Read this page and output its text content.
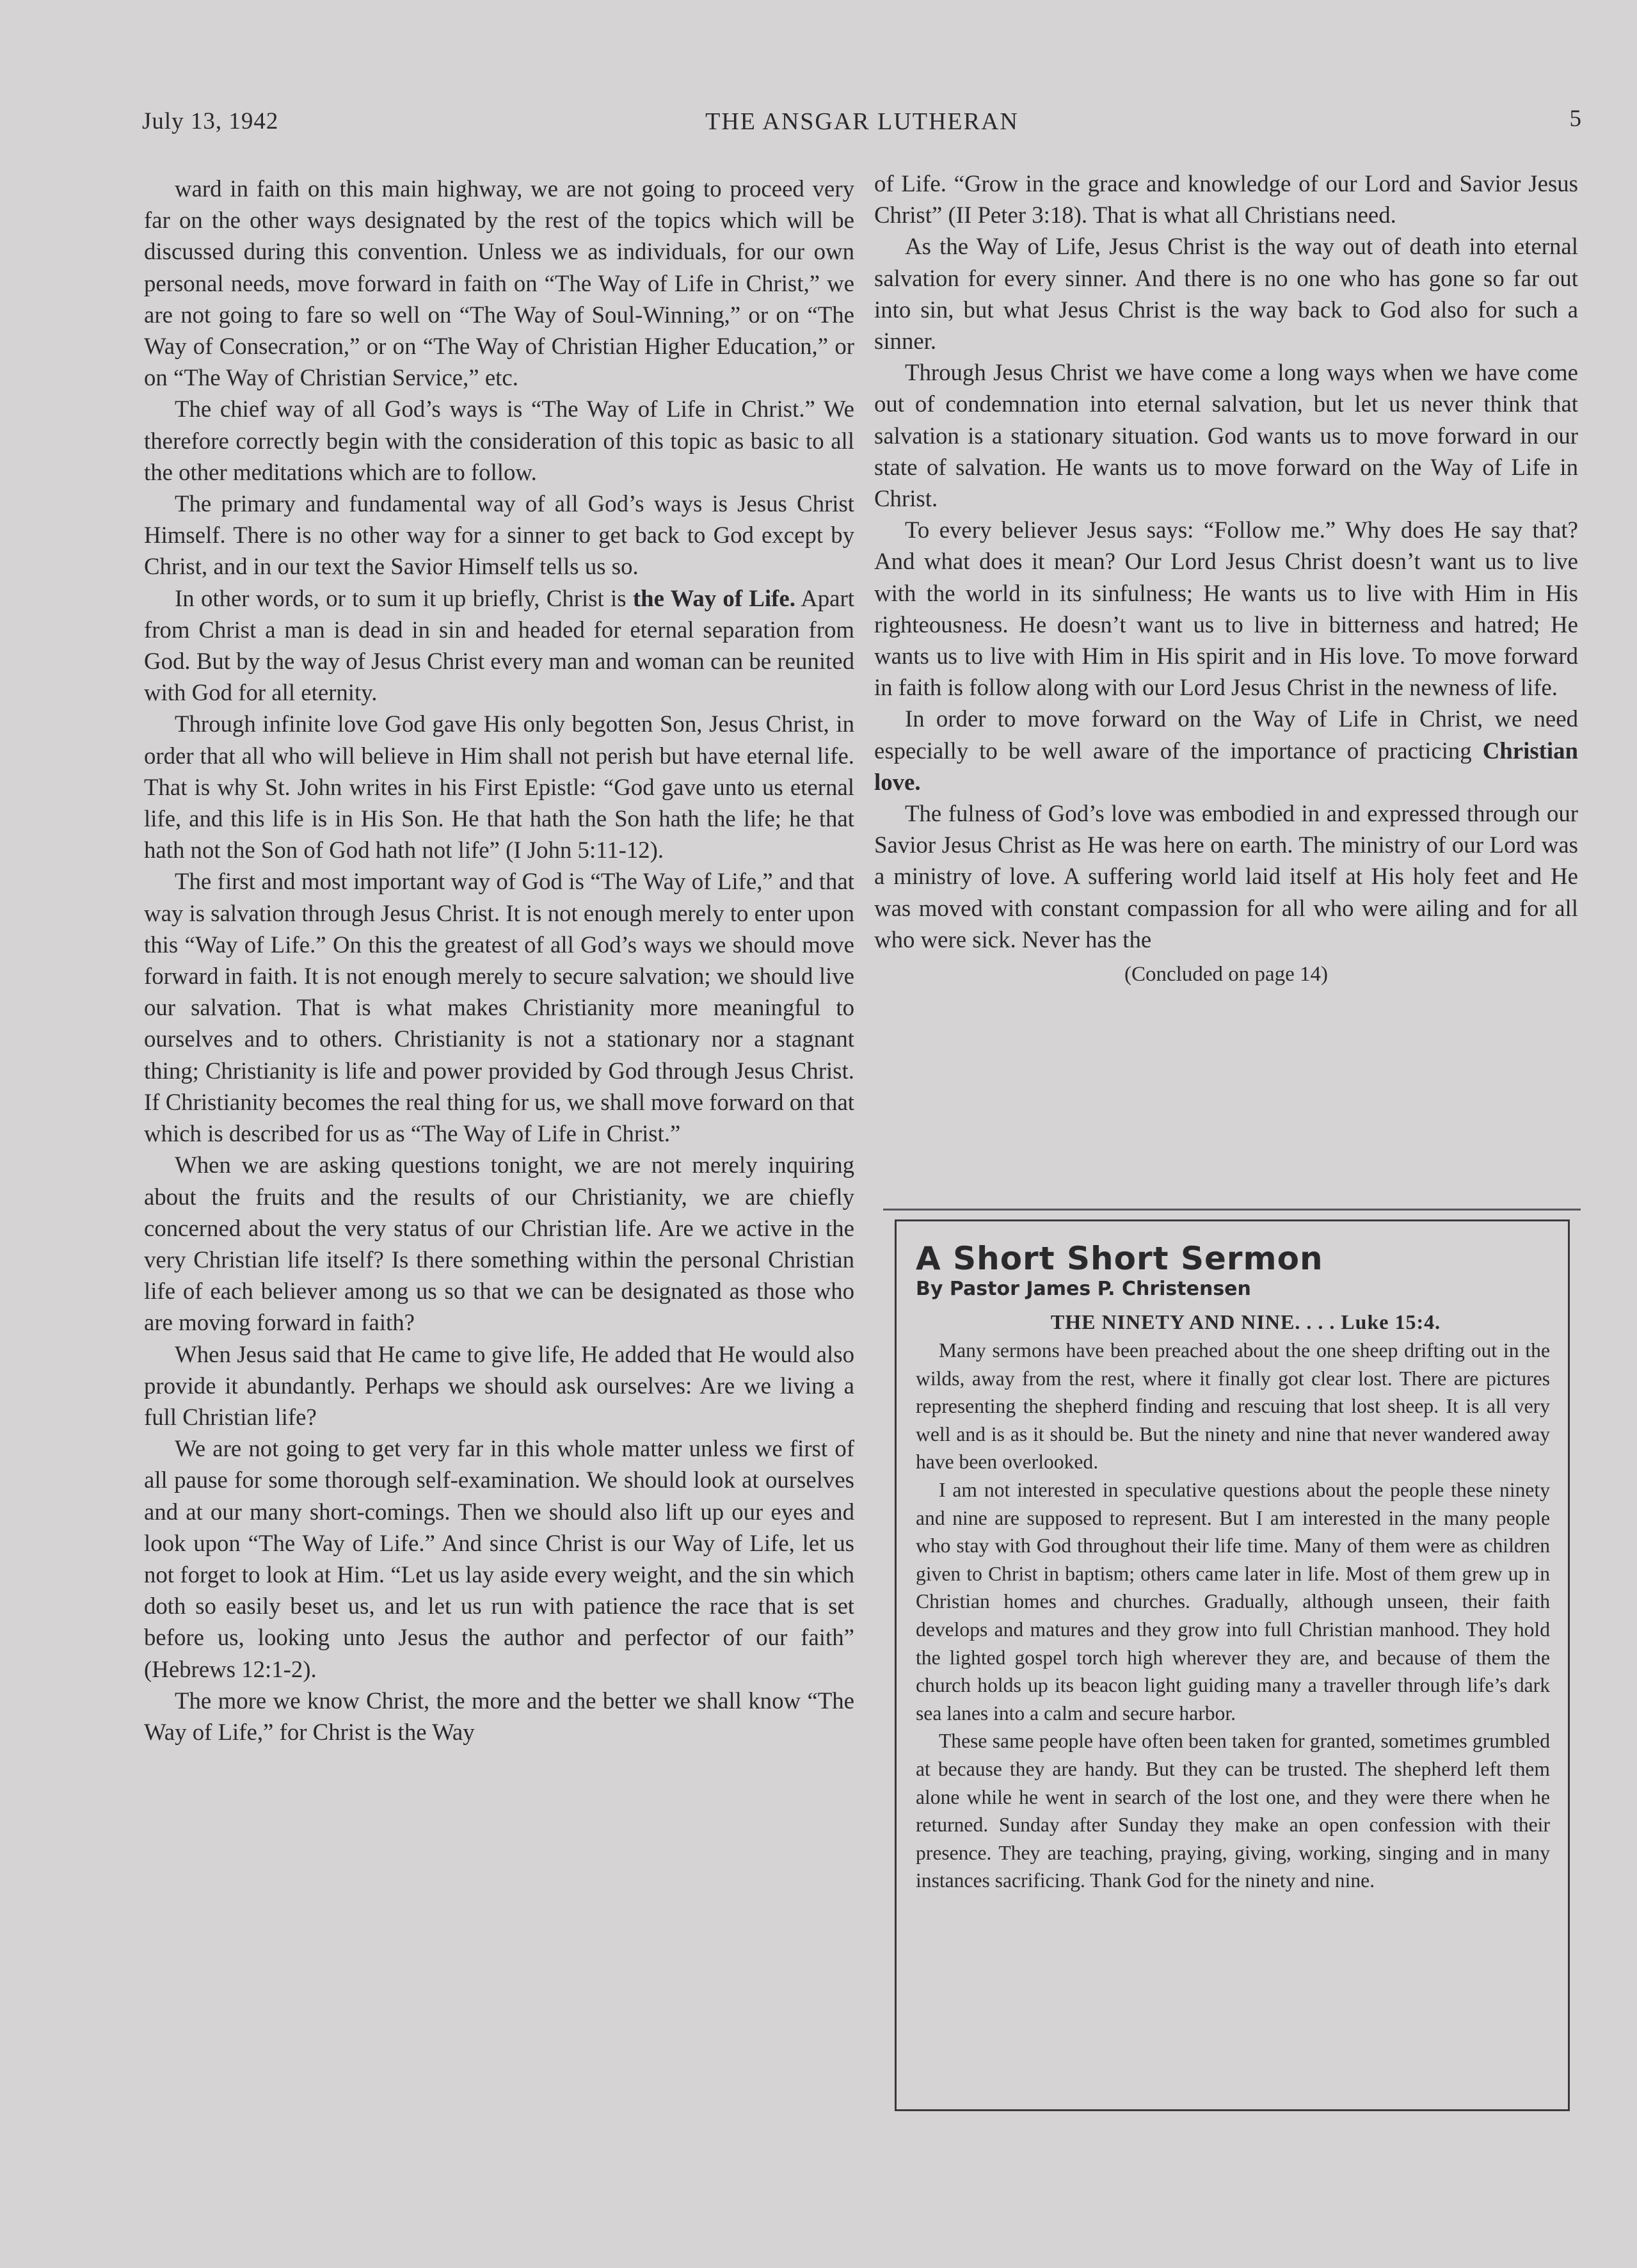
July 13, 1942	THE ANSGAR LUTHERAN	5

ward in faith on this main highway, we are not going to proceed very far on the other ways designated by the rest of the topics which will be discussed during this convention. Unless we as individuals, for our own personal needs, move forward in faith on “The Way of Life in Christ,” we are not going to fare so well on “The Way of Soul-Winning,” or on “The Way of Consecration,” or on “The Way of Christian Higher Education,” or on “The Way of Christian Service,” etc.

The chief way of all God’s ways is “The Way of Life in Christ.” We therefore correctly begin with the consideration of this topic as basic to all the other meditations which are to follow.

The primary and fundamental way of all God’s ways is Jesus Christ Himself. There is no other way for a sinner to get back to God except by Christ, and in our text the Savior Himself tells us so.

In other words, or to sum it up briefly, Christ is the Way of Life. Apart from Christ a man is dead in sin and headed for eternal separation from God. But by the way of Jesus Christ every man and woman can be reunited with God for all eternity.

Through infinite love God gave His only begotten Son, Jesus Christ, in order that all who will believe in Him shall not perish but have eternal life. That is why St. John writes in his First Epistle: “God gave unto us eternal life, and this life is in His Son. He that hath the Son hath the life; he that hath not the Son of God hath not life” (I John 5:11-12).

The first and most important way of God is “The Way of Life,” and that way is salvation through Jesus Christ. It is not enough merely to enter upon this “Way of Life.” On this the greatest of all God’s ways we should move forward in faith. It is not enough merely to secure salvation; we should live our salvation. That is what makes Christianity more meaningful to ourselves and to others. Christianity is not a stationary nor a stagnant thing; Christianity is life and power provided by God through Jesus Christ. If Christianity becomes the real thing for us, we shall move forward on that which is described for us as “The Way of Life in Christ.”

When we are asking questions tonight, we are not merely inquiring about the fruits and the results of our Christianity, we are chiefly concerned about the very status of our Christian life. Are we active in the very Christian life itself? Is there something within the personal Christian life of each believer among us so that we can be designated as those who are moving forward in faith?

When Jesus said that He came to give life, He added that He would also provide it abundantly. Perhaps we should ask ourselves: Are we living a full Christian life?

We are not going to get very far in this whole matter unless we first of all pause for some thorough self-examination. We should look at ourselves and at our many short-comings. Then we should also lift up our eyes and look upon “The Way of Life.” And since Christ is our Way of Life, let us not forget to look at Him. “Let us lay aside every weight, and the sin which doth so easily beset us, and let us run with patience the race that is set before us, looking unto Jesus the author and perfector of our faith” (Hebrews 12:1-2).

The more we know Christ, the more and the better we shall know “The Way of Life,” for Christ is the Way

of Life. “Grow in the grace and knowledge of our Lord and Savior Jesus Christ” (II Peter 3:18). That is what all Christians need.

As the Way of Life, Jesus Christ is the way out of death into eternal salvation for every sinner. And there is no one who has gone so far out into sin, but what Jesus Christ is the way back to God also for such a sinner.

Through Jesus Christ we have come a long ways when we have come out of condemnation into eternal salvation, but let us never think that salvation is a stationary situation. God wants us to move forward in our state of salvation. He wants us to move forward on the Way of Life in Christ.

To every believer Jesus says: “Follow me.” Why does He say that? And what does it mean? Our Lord Jesus Christ doesn’t want us to live with the world in its sinfulness; He wants us to live with Him in His righteousness. He doesn’t want us to live in bitterness and hatred; He wants us to live with Him in His spirit and in His love. To move forward in faith is follow along with our Lord Jesus Christ in the newness of life.

In order to move forward on the Way of Life in Christ, we need especially to be well aware of the importance of practicing Christian love.

The fulness of God’s love was embodied in and expressed through our Savior Jesus Christ as He was here on earth. The ministry of our Lord was a ministry of love. A suffering world laid itself at His holy feet and He was moved with constant compassion for all who were ailing and for all who were sick. Never has the

(Concluded on page 14)

A Short Short Sermon
By Pastor James P. Christensen
THE NINETY AND NINE. . . . Luke 15:4.

Many sermons have been preached about the one sheep drifting out in the wilds, away from the rest, where it finally got clear lost. There are pictures representing the shepherd finding and rescuing that lost sheep. It is all very well and is as it should be. But the ninety and nine that never wandered away have been overlooked.

I am not interested in speculative questions about the people these ninety and nine are supposed to represent. But I am interested in the many people who stay with God throughout their life time. Many of them were as children given to Christ in baptism; others came later in life. Most of them grew up in Christian homes and churches. Gradually, although unseen, their faith develops and matures and they grow into full Christian manhood. They hold the lighted gospel torch high wherever they are, and because of them the church holds up its beacon light guiding many a traveller through life’s dark sea lanes into a calm and secure harbor.

These same people have often been taken for granted, sometimes grumbled at because they are handy. But they can be trusted. The shepherd left them alone while he went in search of the lost one, and they were there when he returned. Sunday after Sunday they make an open confession with their presence. They are teaching, praying, giving, working, singing and in many instances sacrificing. Thank God for the ninety and nine.
